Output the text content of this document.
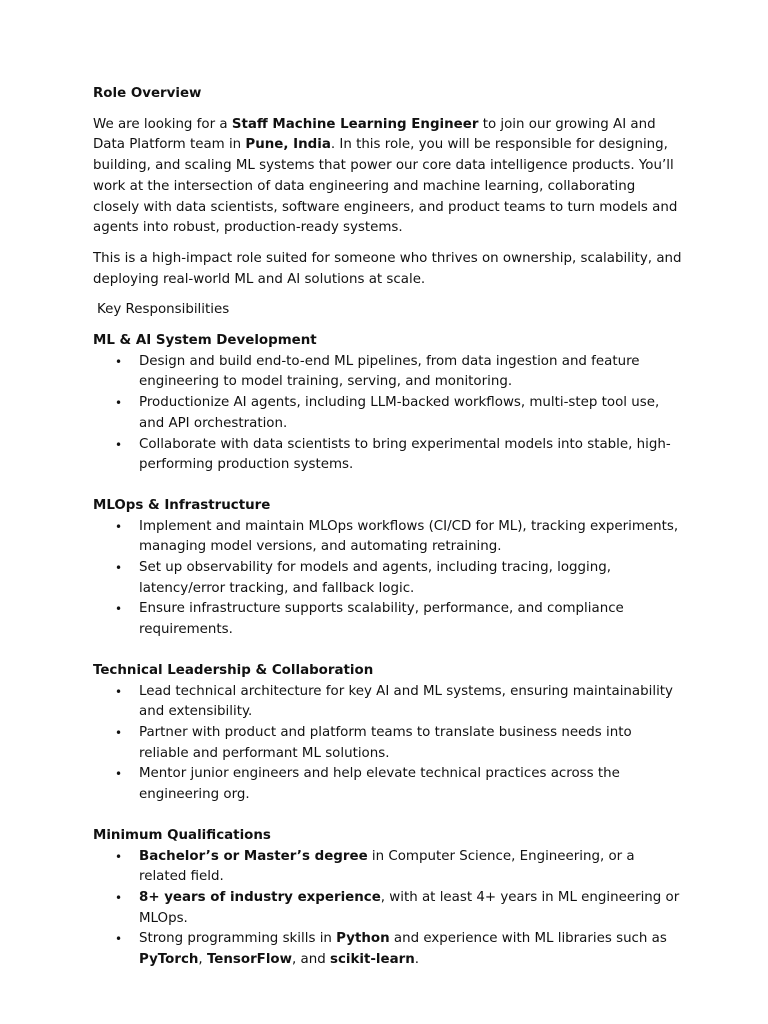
Role Overview

We are looking for a Staff Machine Learning Engineer to join our growing AI and Data Platform team in Pune, India. In this role, you will be responsible for designing, building, and scaling ML systems that power our core data intelligence products. You’ll work at the intersection of data engineering and machine learning, collaborating closely with data scientists, software engineers, and product teams to turn models and agents into robust, production-ready systems.

This is a high-impact role suited for someone who thrives on ownership, scalability, and deploying real-world ML and AI solutions at scale.

Key Responsibilities

ML & AI System Development

• Design and build end-to-end ML pipelines, from data ingestion and feature engineering to model training, serving, and monitoring.
• Productionize AI agents, including LLM-backed workflows, multi-step tool use, and API orchestration.
• Collaborate with data scientists to bring experimental models into stable, high-performing production systems.

MLOps & Infrastructure

• Implement and maintain MLOps workflows (CI/CD for ML), tracking experiments, managing model versions, and automating retraining.
• Set up observability for models and agents, including tracing, logging, latency/error tracking, and fallback logic.
• Ensure infrastructure supports scalability, performance, and compliance requirements.

Technical Leadership & Collaboration

• Lead technical architecture for key AI and ML systems, ensuring maintainability and extensibility.
• Partner with product and platform teams to translate business needs into reliable and performant ML solutions.
• Mentor junior engineers and help elevate technical practices across the engineering org.

Minimum Qualifications

• Bachelor’s or Master’s degree in Computer Science, Engineering, or a related field.
• 8+ years of industry experience, with at least 4+ years in ML engineering or MLOps.
• Strong programming skills in Python and experience with ML libraries such as PyTorch, TensorFlow, and scikit-learn.
